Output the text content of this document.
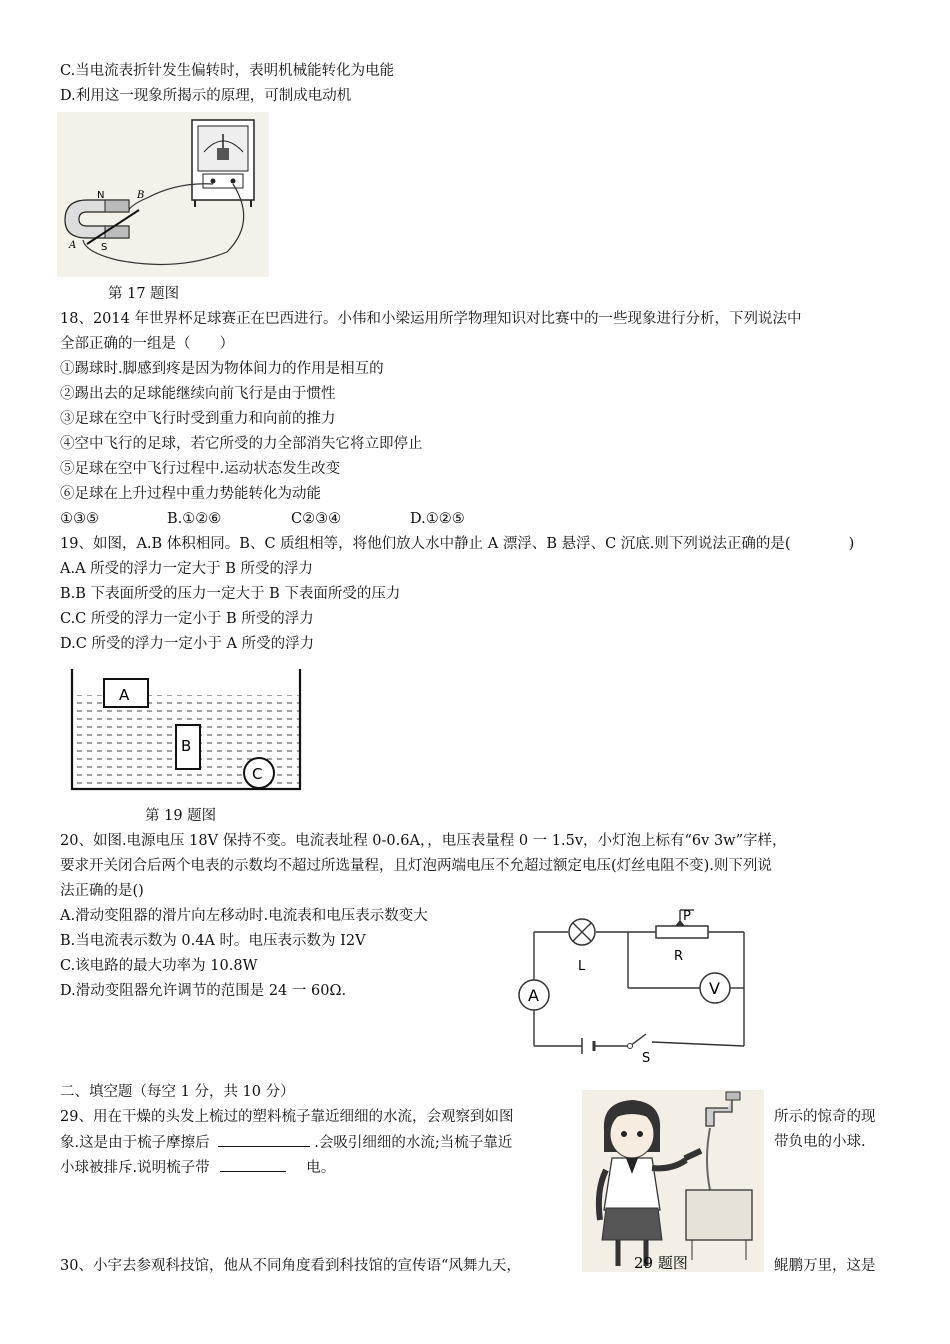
C.当电流表折针发生偏转时，表明机械能转化为电能
D.利用这一现象所揭示的原理，可制成电动机
N
S
A
B
第 17 题图
18、2014 年世界杯足球赛正在巴西进行。小伟和小梁运用所学物理知识对比赛中的一些现象进行分析，下列说法中
全部正确的一组是（　　）
①踢球时.脚感到疼是因为物体间力的作用是相互的
②踢出去的足球能继续向前飞行是由于惯性
③足球在空中飞行时受到重力和向前的推力
④空中飞行的足球，若它所受的力全部消失它将立即停止
⑤足球在空中飞行过程中.运动状态发生改变
⑥足球在上升过程中重力势能转化为动能
①③⑤	B.①②⑥	C②③④	D.①②⑤
19、如图，A.B 体积相同。B、C 质组相等，将他们放人水中静止 A 漂浮、B 悬浮、C 沉底.则下列说法正确的是(　　　　)
A.A 所受的浮力一定大于 B 所受的浮力
B.B 下表面所受的压力一定大于 B 下表面所受的压力
C.C 所受的浮力一定小于 B 所受的浮力
D.C 所受的浮力一定小于 A 所受的浮力
A
B
C
第 19 题图
20、如图.电源电压 18V 保持不变。电流表址程 0-0.6A，，电压表量程 0 一 1.5v，小灯泡上标有“6v 3w”字样，
要求开关闭合后两个电表的示数均不超过所选量程，且灯泡两端电压不允超过额定电压(灯丝电阻不变).则下列说
法正确的是()
A.滑动变阻器的滑片向左移动时.电流表和电压表示数变大
B.当电流表示数为 0.4A 时。电压表示数为 I2V
C.该电路的最大功率为 10.8W
D.滑动变阻器允许调节的范围是 24 一 60Ω.	A	V
P
L
R
S
二、填空题（每空 1 分，共 10 分）
29、用在干燥的头发上梳过的塑料梳子靠近细细的水流，会观察到如图	所示的惊奇的现
象.这是由于梳子摩擦后	.会吸引细细的水流;当梳子靠近	带负电的小球.
小球被排斥.说明梳子带	电。
29 题图
30、小宇去参观科技馆，他从不同角度看到科技馆的宣传语“风舞九天，	鲲鹏万里，这是
